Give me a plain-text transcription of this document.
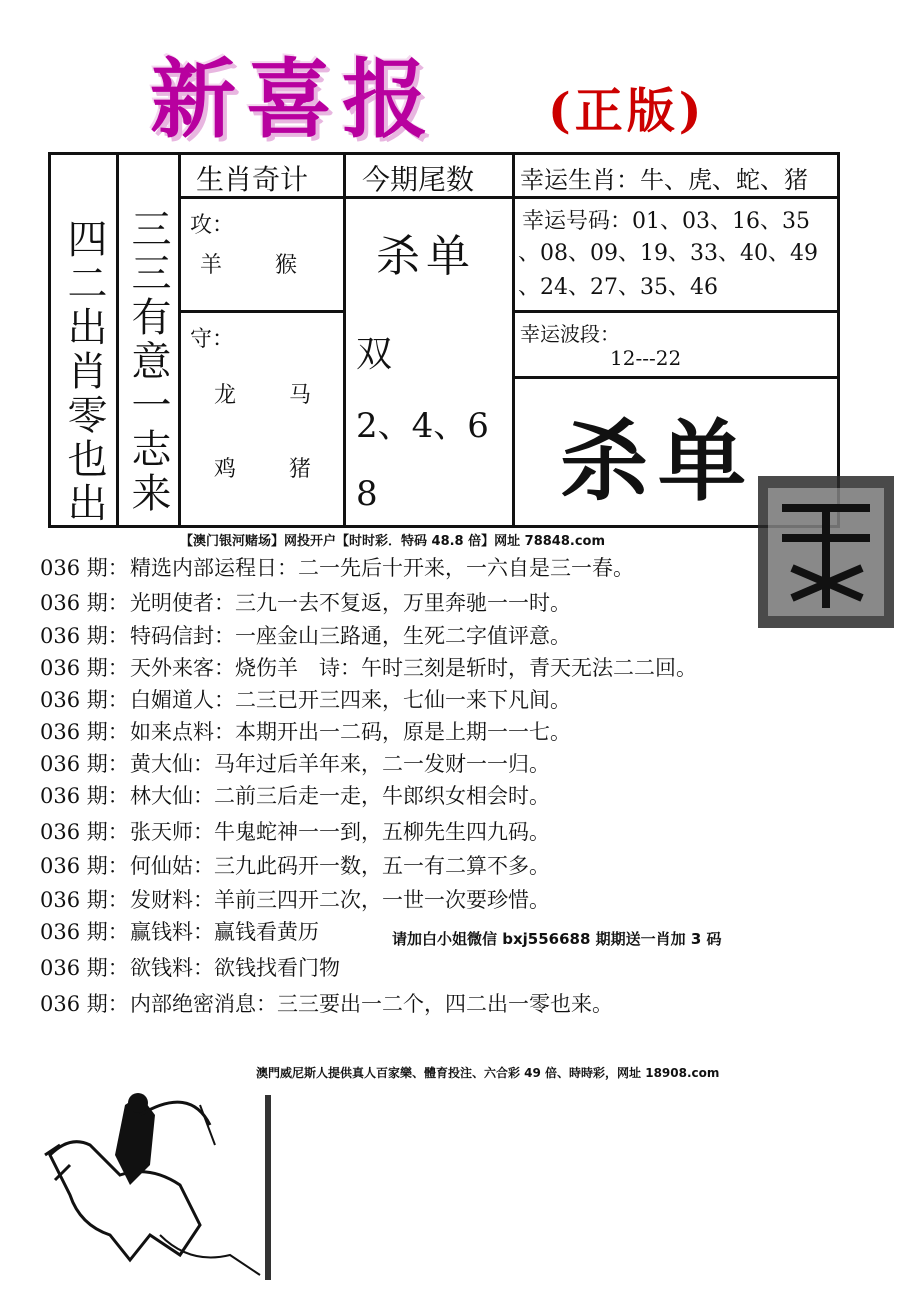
新喜报 (正版)
四二出肖零也出 三三有意一志来
生肖奇计
攻：
羊　 猴
守：
龙　 马
鸡　 猪
今期尾数
杀单
双
2、4、6
8
幸运生肖：牛、虎、蛇、猪
幸运号码：01、03、16、35
、08、09、19、33、40、49
、24、27、35、46
幸运波段：
12---22
杀单
【澳门银河赌场】网投开户【时时彩．特码 48.8 倍】网址 78848.com
036 期：精选内部运程日：二一先后十开来，一六自是三一春。
036 期：光明使者：三九一去不复返，万里奔驰一一时。
036 期：特码信封：一座金山三路通，生死二字值评意。
036 期：天外来客：烧伤羊　诗：午时三刻是斩时，青天无法二二回。
036 期：白媚道人：二三已开三四来，七仙一来下凡间。
036 期：如来点料：本期开出一二码，原是上期一一七。
036 期：黄大仙：马年过后羊年来，二一发财一一归。
036 期：林大仙：二前三后走一走，牛郎织女相会时。
036 期：张天师：牛鬼蛇神一一到，五柳先生四九码。
036 期：何仙姑：三九此码开一数，五一有二算不多。
036 期：发财料：羊前三四开二次，一世一次要珍惜。
036 期：赢钱料：赢钱看黄历
036 期：欲钱料：欲钱找看门物
036 期：内部绝密消息：三三要出一二个，四二出一零也来。
请加白小姐微信 bxj556688 期期送一肖加 3 码
澳門威尼斯人提供真人百家樂、體育投注、六合彩 49 倍、時時彩，网址 18908.com
